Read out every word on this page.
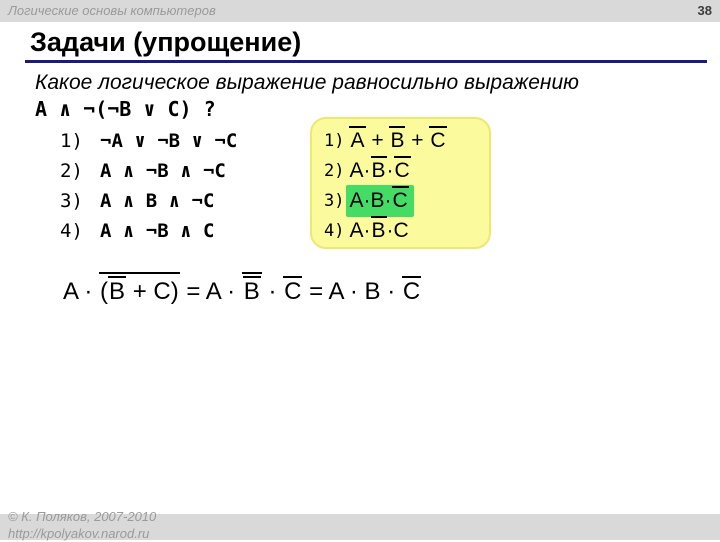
Логические основы компьютеров	38
Задачи (упрощение)
Какое логическое выражение равносильно выражению
A ∧ ¬(¬B ∨ C) ?
1) ¬A ∨ ¬B ∨ ¬C
2) A ∧ ¬B ∧ ¬C
3) A ∧ B ∧ ¬C
4) A ∧ ¬B ∧ C
1) A + B + C
2) A·B·C
3) A·B·C
4) A·B·C
A · (B + C) = A · B · C = A · B · C
© К. Поляков, 2007-2010
http://kpolyakov.narod.ru
